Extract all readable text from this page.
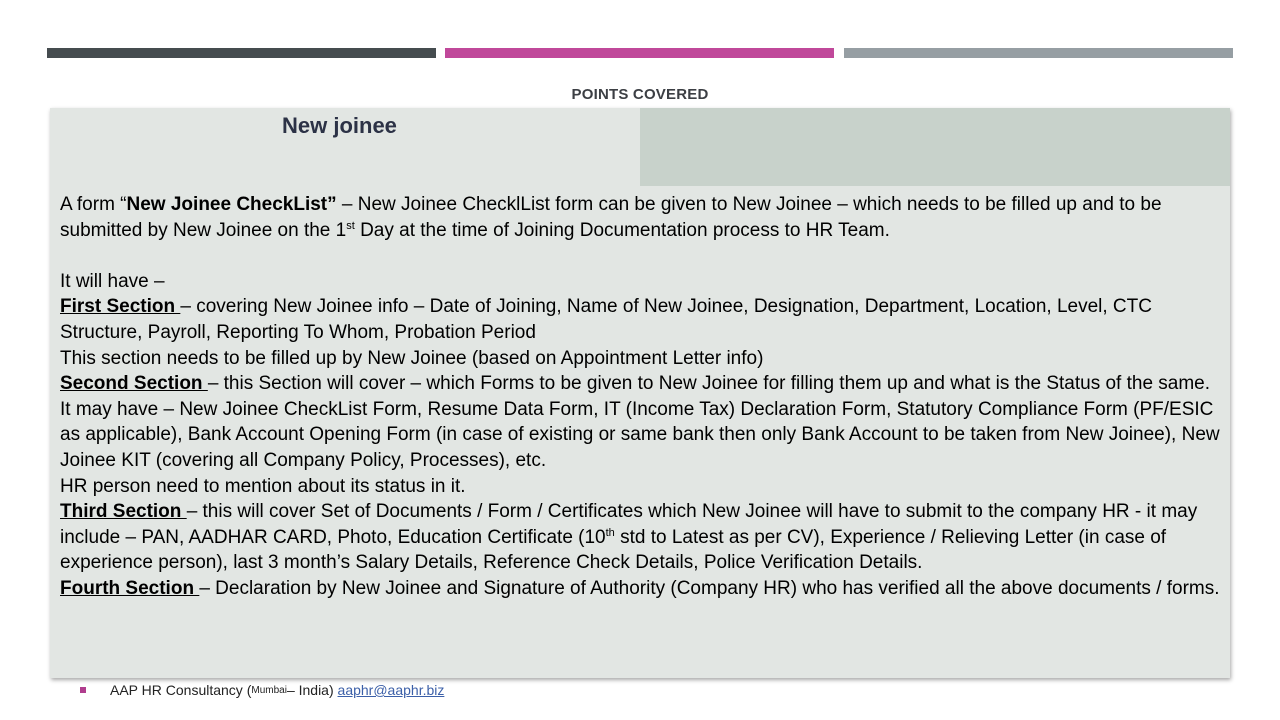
POINTS COVERED
New joinee

A form “New Joinee CheckList” – New Joinee ChecklList form can be given to New Joinee – which needs to be filled up and to be submitted by New Joinee on the 1st Day at the time of Joining Documentation process to HR Team.

It will have –

First Section – covering New Joinee info – Date of Joining, Name of New Joinee, Designation, Department, Location, Level, CTC Structure, Payroll, Reporting To Whom, Probation Period

This section needs to be filled up by New Joinee (based on Appointment Letter info)

Second Section – this Section will cover – which Forms to be given to New Joinee for filling them up and what is the Status of the same.

It may have – New Joinee CheckList Form, Resume Data Form, IT (Income Tax) Declaration Form, Statutory Compliance Form (PF/ESIC as applicable), Bank Account Opening Form (in case of existing or same bank then only Bank Account to be taken from New Joinee), New Joinee KIT (covering all Company Policy, Processes), etc.

HR person need to mention about its status in it.

Third Section – this will cover Set of Documents / Form / Certificates which New Joinee will have to submit to the company HR - it may include – PAN, AADHAR CARD, Photo, Education Certificate (10th std to Latest as per CV), Experience / Relieving Letter (in case of experience person), last 3 month’s Salary Details, Reference Check Details, Police Verification Details.

Fourth Section – Declaration by New Joinee and Signature of Authority (Company HR) who has verified all the above documents / forms.

AAP HR Consultancy ( Mumbai – India)
aaphr@aaphr.biz
